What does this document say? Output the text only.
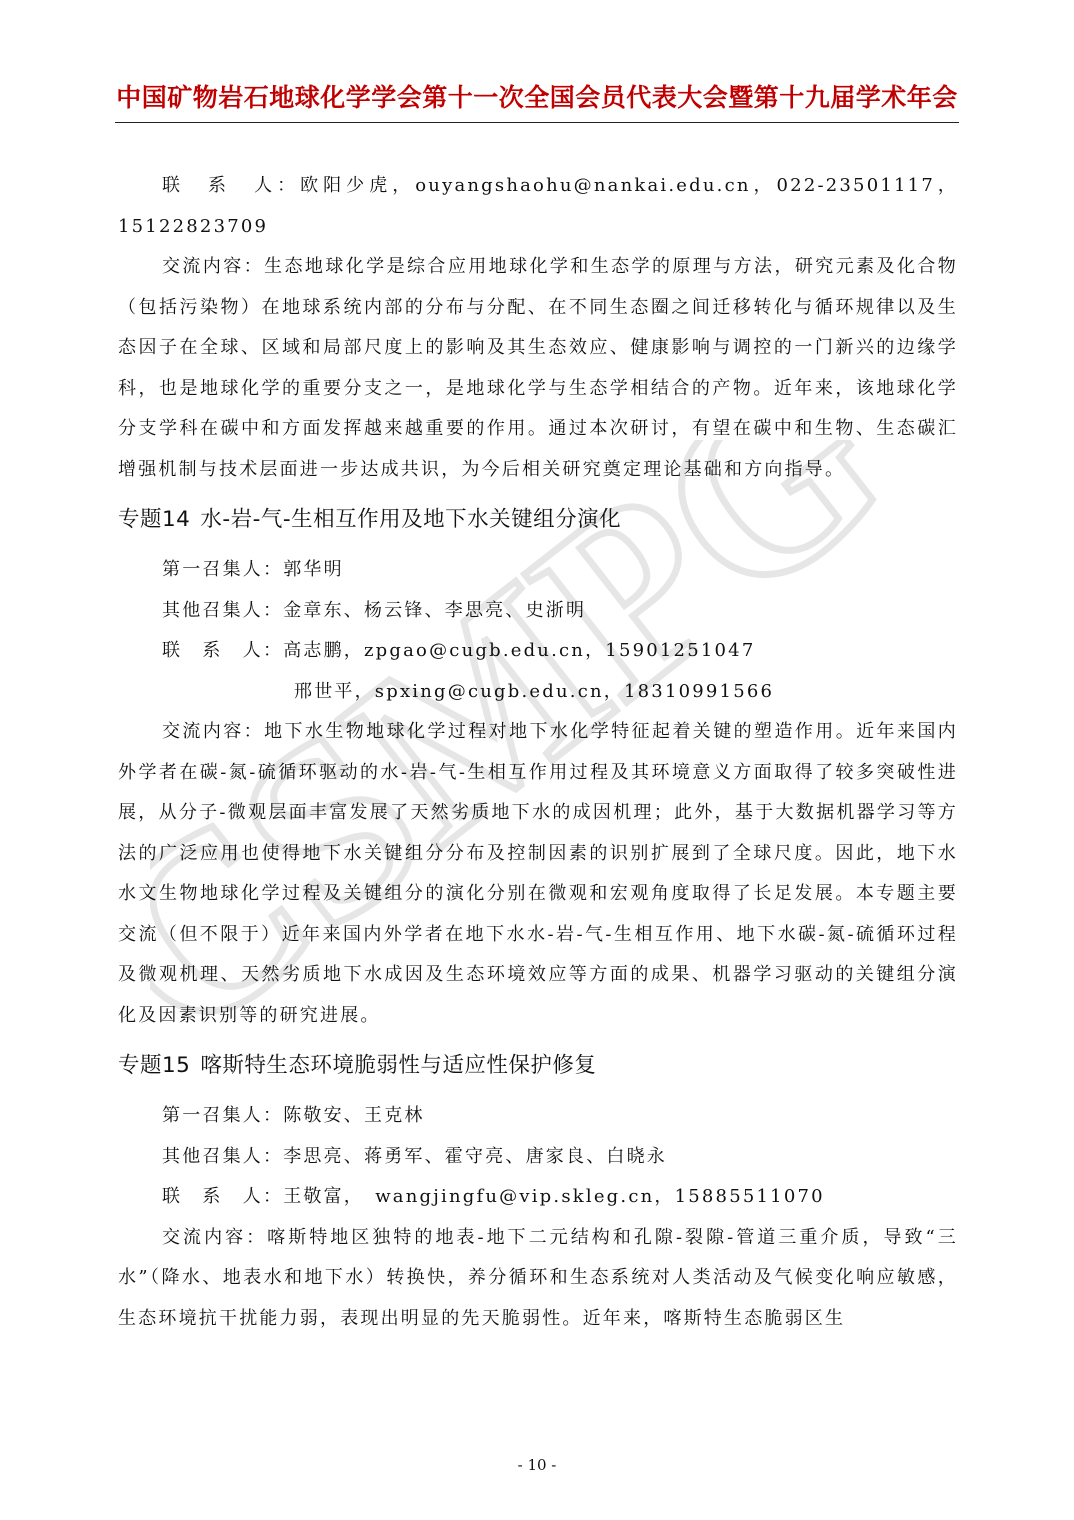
CSMPG
中国矿物岩石地球化学学会第十一次全国会员代表大会暨第十九届学术年会

联　系　人：欧阳少虎，ouyangshaohu@nankai.edu.cn，022-23501117，15122823709

交流内容：生态地球化学是综合应用地球化学和生态学的原理与方法，研究元素及化合物（包括污染物）在地球系统内部的分布与分配、在不同生态圈之间迁移转化与循环规律以及生态因子在全球、区域和局部尺度上的影响及其生态效应、健康影响与调控的一门新兴的边缘学科，也是地球化学的重要分支之一，是地球化学与生态学相结合的产物。近年来，该地球化学分支学科在碳中和方面发挥越来越重要的作用。通过本次研讨，有望在碳中和生物、生态碳汇增强机制与技术层面进一步达成共识，为今后相关研究奠定理论基础和方向指导。

专题14 水-岩-气-生相互作用及地下水关键组分演化

第一召集人：郭华明

其他召集人：金章东、杨云锋、李思亮、史浙明

联　系　人：高志鹏，zpgao@cugb.edu.cn，15901251047

邢世平，spxing@cugb.edu.cn，18310991566

交流内容：地下水生物地球化学过程对地下水化学特征起着关键的塑造作用。近年来国内外学者在碳-氮-硫循环驱动的水-岩-气-生相互作用过程及其环境意义方面取得了较多突破性进展，从分子-微观层面丰富发展了天然劣质地下水的成因机理；此外，基于大数据机器学习等方法的广泛应用也使得地下水关键组分分布及控制因素的识别扩展到了全球尺度。因此，地下水水文生物地球化学过程及关键组分的演化分别在微观和宏观角度取得了长足发展。本专题主要交流（但不限于）近年来国内外学者在地下水水-岩-气-生相互作用、地下水碳-氮-硫循环过程及微观机理、天然劣质地下水成因及生态环境效应等方面的成果、机器学习驱动的关键组分演化及因素识别等的研究进展。

专题15 喀斯特生态环境脆弱性与适应性保护修复

第一召集人：陈敬安、王克林

其他召集人：李思亮、蒋勇军、霍守亮、唐家良、白晓永

联　系　人：王敬富，　wangjingfu@vip.skleg.cn，15885511070

交流内容：喀斯特地区独特的地表-地下二元结构和孔隙-裂隙-管道三重介质，导致“三水”（降水、地表水和地下水）转换快，养分循环和生态系统对人类活动及气候变化响应敏感，生态环境抗干扰能力弱，表现出明显的先天脆弱性。近年来，喀斯特生态脆弱区生

- 10 -
